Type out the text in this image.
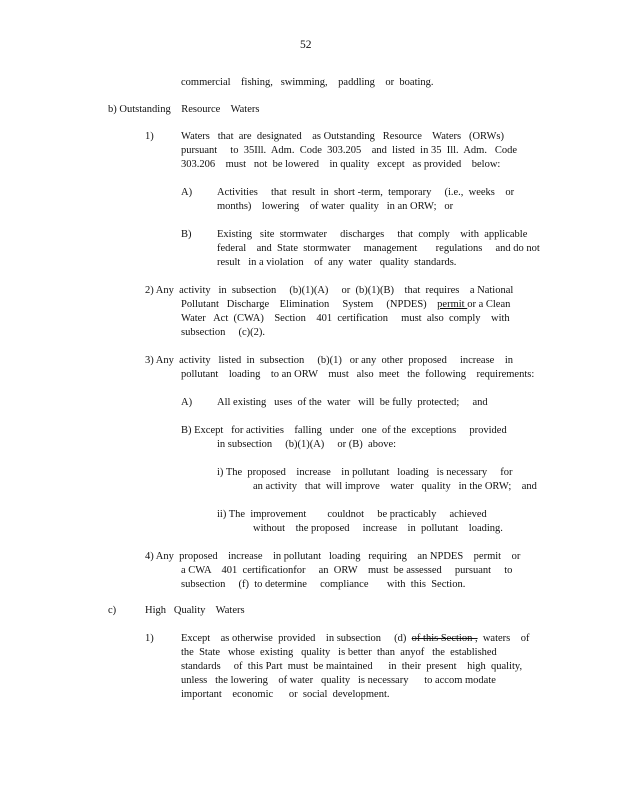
52
commercial    fishing,   swimming,    paddling    or  boating.
b) Outstanding    Resource    Waters
1)	Waters   that  are  designated    as Outstanding   Resource    Waters   (ORWs)
pursuant     to  35Ill.  Adm.  Code  303.205    and  listed  in 35  Ill.  Adm.   Code
303.206    must   not  be lowered    in quality   except   as provided    below:
A) Activities     that  result  in  short -term,  temporary     (i.e.,  weeks    or
months)    lowering    of water  quality   in an ORW;   or
B) Existing   site  stormwater     discharges     that  comply    with  applicable
federal    and  State  stormwater     management       regulations     and do not
result   in a violation    of  any  water   quality  standards.
2) Any  activity   in  subsection     (b)(1)(A)     or  (b)(1)(B)    that  requires    a National
Pollutant   Discharge    Elimination     System     (NPDES)    permit or a Clean
Water   Act  (CWA)    Section    401  certification     must  also  comply    with
subsection     (c)(2).
3) Any  activity   listed  in  subsection     (b)(1)   or any  other  proposed     increase    in
pollutant    loading    to an ORW    must   also  meet   the  following    requirements:
A) All existing   uses  of the  water   will  be fully  protected;     and
B) Except   for activities    falling   under   one  of the  exceptions     provided
in subsection     (b)(1)(A)     or (B)  above:
i) The  proposed    increase    in pollutant   loading   is necessary     for
an activity   that  will improve    water   quality   in the ORW;    and
ii) The  improvement        couldnot     be practicably     achieved
without    the proposed     increase    in  pollutant    loading.
4) Any  proposed    increase    in pollutant   loading   requiring    an NPDES    permit    or
a CWA    401  certificationfor     an  ORW    must  be assessed     pursuant     to
subsection     (f)  to determine     compliance       with  this  Section.
c)	High   Quality    Waters
1)	Except    as otherwise  provided    in subsection     (d)  of this Section ,  waters    of
the  State   whose  existing   quality   is better  than  anyof   the  established
standards     of  this Part  must  be maintained      in  their  present    high  quality,
unless   the lowering    of water   quality   is necessary      to accom modate
important    economic      or  social  development.
